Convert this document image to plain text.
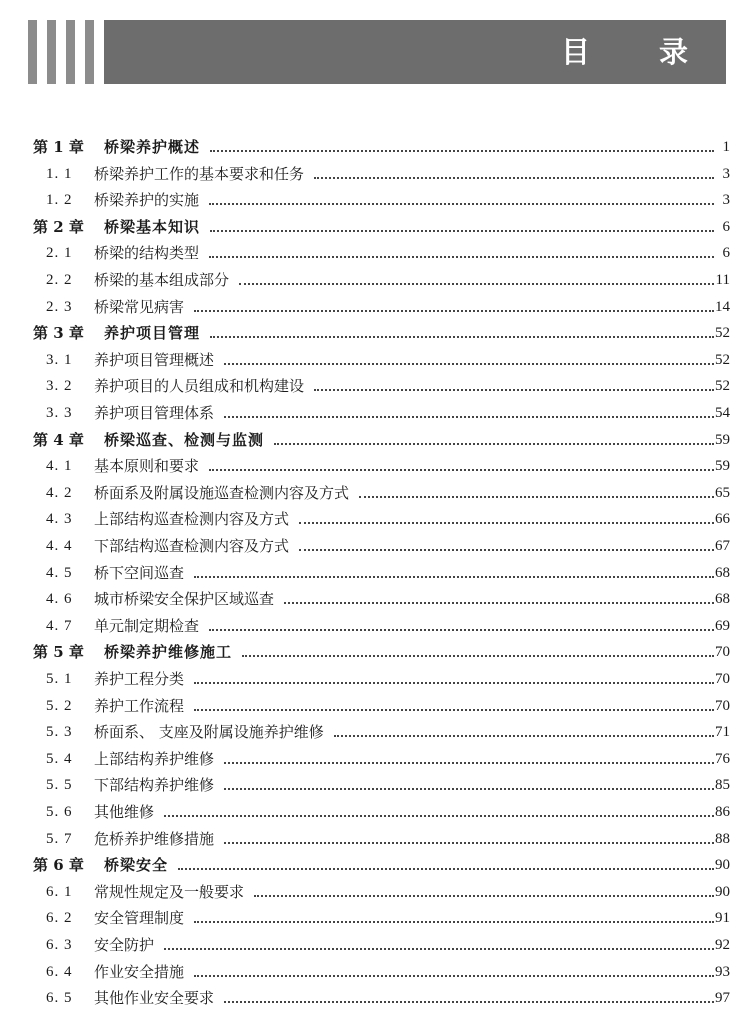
目　录
第 1 章 桥梁养护概述	1
1. 1 桥梁养护工作的基本要求和任务	3
1. 2 桥梁养护的实施	3
第 2 章 桥梁基本知识	6
2. 1 桥梁的结构类型	6
2. 2 桥梁的基本组成部分	11
2. 3 桥梁常见病害	14
第 3 章 养护项目管理	52
3. 1 养护项目管理概述	52
3. 2 养护项目的人员组成和机构建设	52
3. 3 养护项目管理体系	54
第 4 章 桥梁巡查、检测与监测	59
4. 1 基本原则和要求	59
4. 2 桥面系及附属设施巡查检测内容及方式	65
4. 3 上部结构巡查检测内容及方式	66
4. 4 下部结构巡查检测内容及方式	67
4. 5 桥下空间巡查	68
4. 6 城市桥梁安全保护区域巡查	68
4. 7 单元制定期检查	69
第 5 章 桥梁养护维修施工	70
5. 1 养护工程分类	70
5. 2 养护工作流程	70
5. 3 桥面系、 支座及附属设施养护维修	71
5. 4 上部结构养护维修	76
5. 5 下部结构养护维修	85
5. 6 其他维修	86
5. 7 危桥养护维修措施	88
第 6 章 桥梁安全	90
6. 1 常规性规定及一般要求	90
6. 2 安全管理制度	91
6. 3 安全防护	92
6. 4 作业安全措施	93
6. 5 其他作业安全要求	97
